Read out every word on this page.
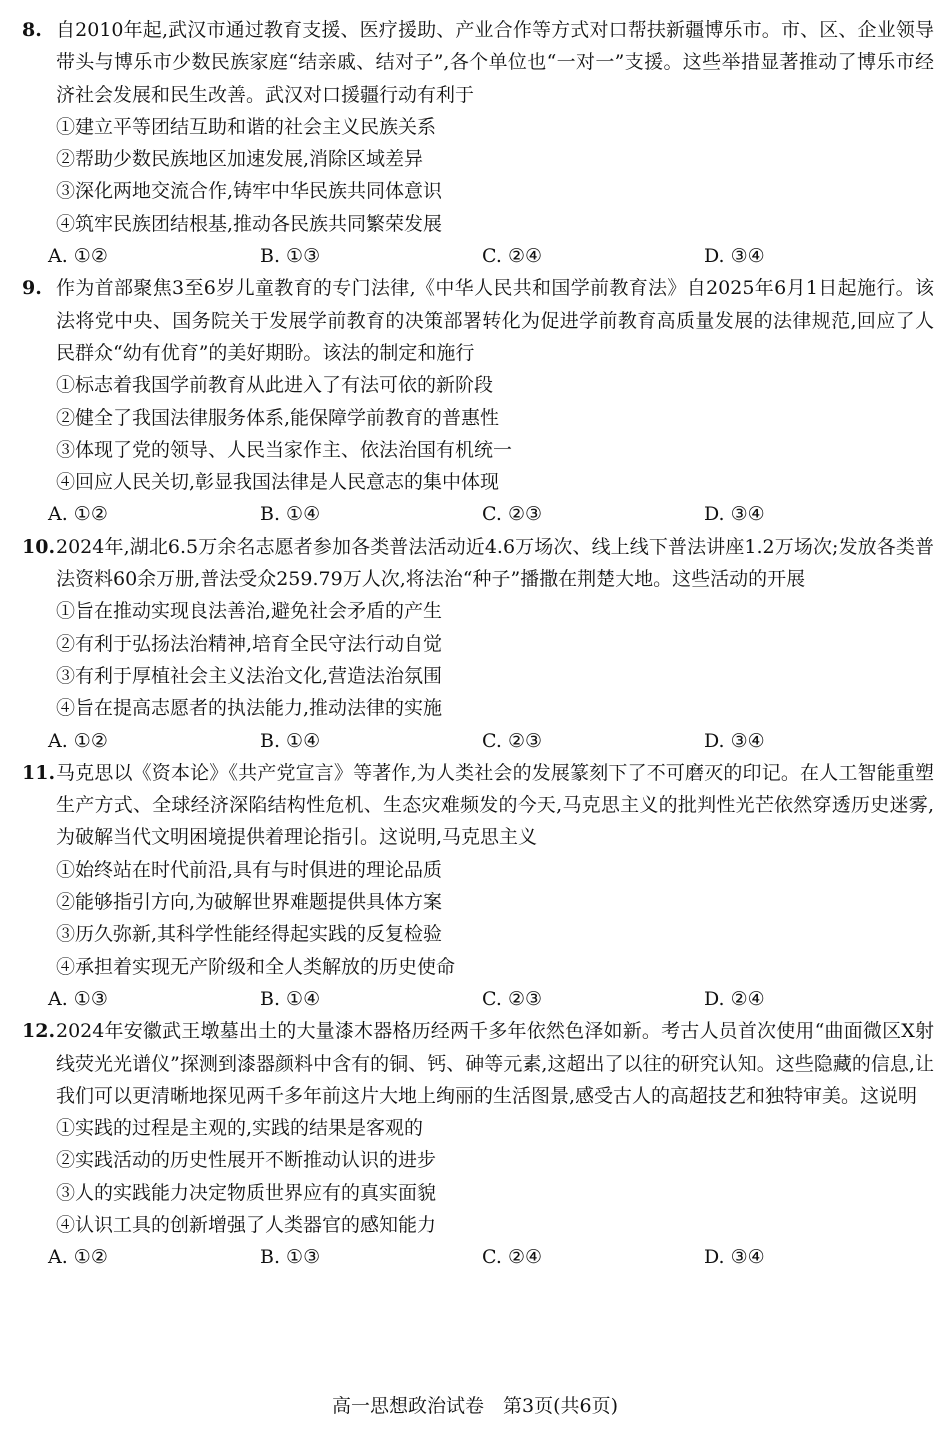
8. 自2010年起,武汉市通过教育支援、医疗援助、产业合作等方式对口帮扶新疆博乐市。市、区、企业领导带头与博乐市少数民族家庭“结亲戚、结对子”,各个单位也“一对一”支援。这些举措显著推动了博乐市经济社会发展和民生改善。武汉对口援疆行动有利于

①建立平等团结互助和谐的社会主义民族关系
②帮助少数民族地区加速发展,消除区域差异
③深化两地交流合作,铸牢中华民族共同体意识
④筑牢民族团结根基,推动各民族共同繁荣发展
A. ①②	B. ①③	C. ②④	D. ③④
9. 作为首部聚焦3至6岁儿童教育的专门法律,《中华人民共和国学前教育法》自2025年6月1日起施行。该法将党中央、国务院关于发展学前教育的决策部署转化为促进学前教育高质量发展的法律规范,回应了人民群众“幼有优育”的美好期盼。该法的制定和施行

①标志着我国学前教育从此进入了有法可依的新阶段
②健全了我国法律服务体系,能保障学前教育的普惠性
③体现了党的领导、人民当家作主、依法治国有机统一
④回应人民关切,彰显我国法律是人民意志的集中体现
A. ①②	B. ①④	C. ②③	D. ③④
10. 2024年,湖北6.5万余名志愿者参加各类普法活动近4.6万场次、线上线下普法讲座1.2万场次;发放各类普法资料60余万册,普法受众259.79万人次,将法治“种子”播撒在荆楚大地。这些活动的开展

①旨在推动实现良法善治,避免社会矛盾的产生
②有利于弘扬法治精神,培育全民守法行动自觉
③有利于厚植社会主义法治文化,营造法治氛围
④旨在提高志愿者的执法能力,推动法律的实施
A. ①②	B. ①④	C. ②③	D. ③④
11. 马克思以《资本论》《共产党宣言》等著作,为人类社会的发展篆刻下了不可磨灭的印记。在人工智能重塑生产方式、全球经济深陷结构性危机、生态灾难频发的今天,马克思主义的批判性光芒依然穿透历史迷雾,为破解当代文明困境提供着理论指引。这说明,马克思主义

①始终站在时代前沿,具有与时俱进的理论品质
②能够指引方向,为破解世界难题提供具体方案
③历久弥新,其科学性能经得起实践的反复检验
④承担着实现无产阶级和全人类解放的历史使命
A. ①③	B. ①④	C. ②③	D. ②④
12. 2024年安徽武王墩墓出土的大量漆木器格历经两千多年依然色泽如新。考古人员首次使用“曲面微区X射线荧光光谱仪”探测到漆器颜料中含有的铜、钙、砷等元素,这超出了以往的研究认知。这些隐藏的信息,让我们可以更清晰地探见两千多年前这片大地上绚丽的生活图景,感受古人的高超技艺和独特审美。这说明

①实践的过程是主观的,实践的结果是客观的
②实践活动的历史性展开不断推动认识的进步
③人的实践能力决定物质世界应有的真实面貌
④认识工具的创新增强了人类器官的感知能力
A. ①②	B. ①③	C. ②④	D. ③④
高一思想政治试卷　第3页(共6页)
